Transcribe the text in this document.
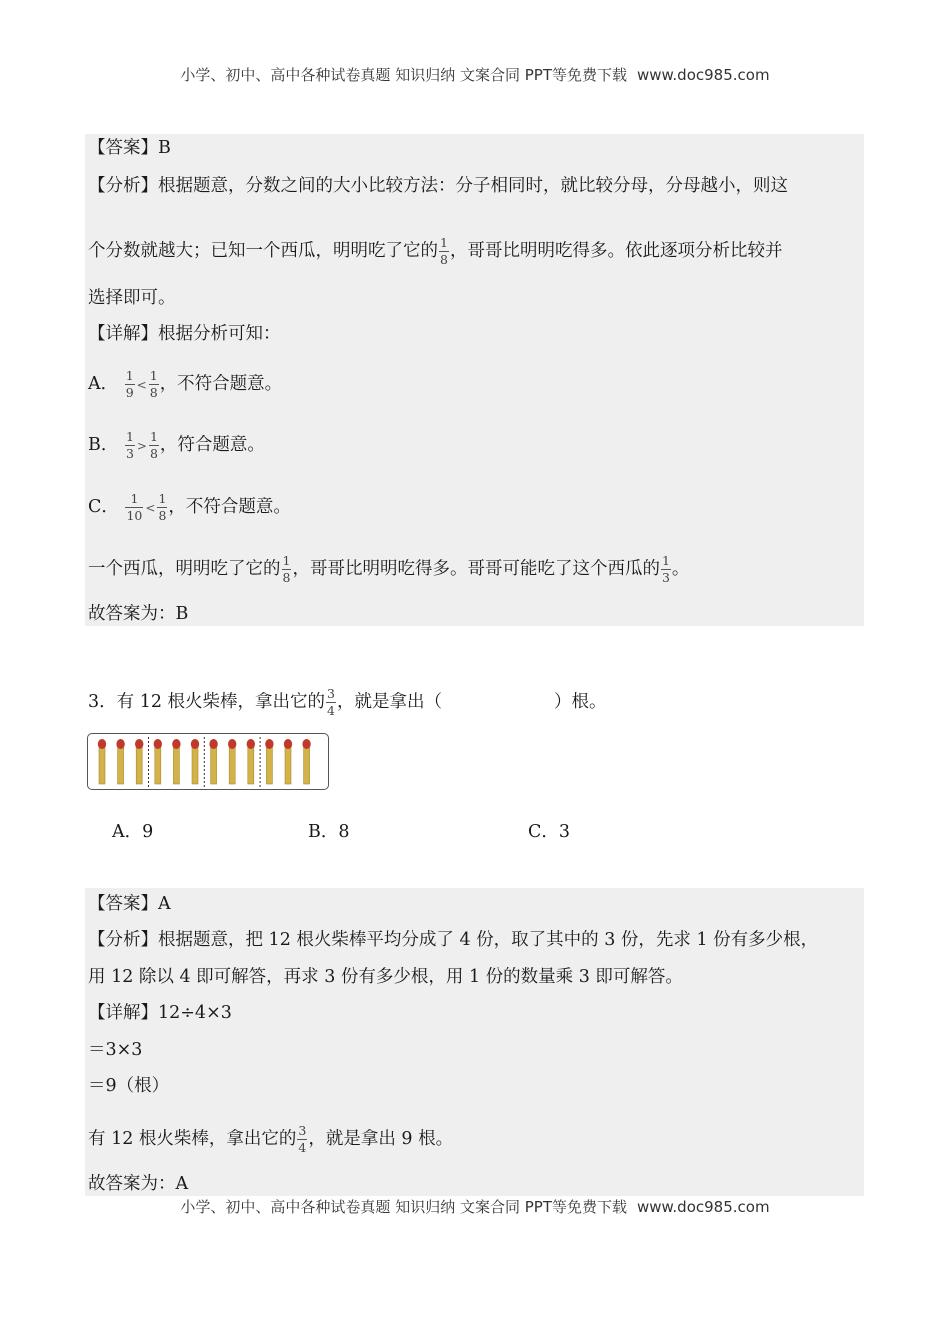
小学、初中、高中各种试卷真题 知识归纳 文案合同 PPT等免费下载 www.doc985.com
【答案】B
【分析】根据题意，分数之间的大小比较方法：分子相同时，就比较分母，分母越小，则这
个分数就越大；已知一个西瓜，明明吃了它的 $\frac{1}{8}$ ，哥哥比明明吃得多。依此逐项分析比较并
选择即可。
【详解】根据分析可知：
A． $\frac{1}{9} < \frac{1}{8}$ ，不符合题意。
B． $\frac{1}{3} > \frac{1}{8}$ ，符合题意。
C． $\frac{1}{10} < \frac{1}{8}$ ，不符合题意。
一个西瓜，明明吃了它的 $\frac{1}{8}$ ，哥哥比明明吃得多。哥哥可能吃了这个西瓜的 $\frac{1}{3}$ 。
故答案为：B
3．有 12 根火柴棒，拿出它的 $\frac{3}{4}$ ，就是拿出（	）根。
A．9	B．8	C．3
【答案】A
【分析】根据题意，把 12 根火柴棒平均分成了 4 份，取了其中的 3 份，先求 1 份有多少根，
用 12 除以 4 即可解答，再求 3 份有多少根，用 1 份的数量乘 3 即可解答。
【详解】12÷4×3
＝3×3
＝9（根）
有 12 根火柴棒，拿出它的 $\frac{3}{4}$ ，就是拿出 9 根。
故答案为：A
小学、初中、高中各种试卷真题 知识归纳 文案合同 PPT等免费下载 www.doc985.com
